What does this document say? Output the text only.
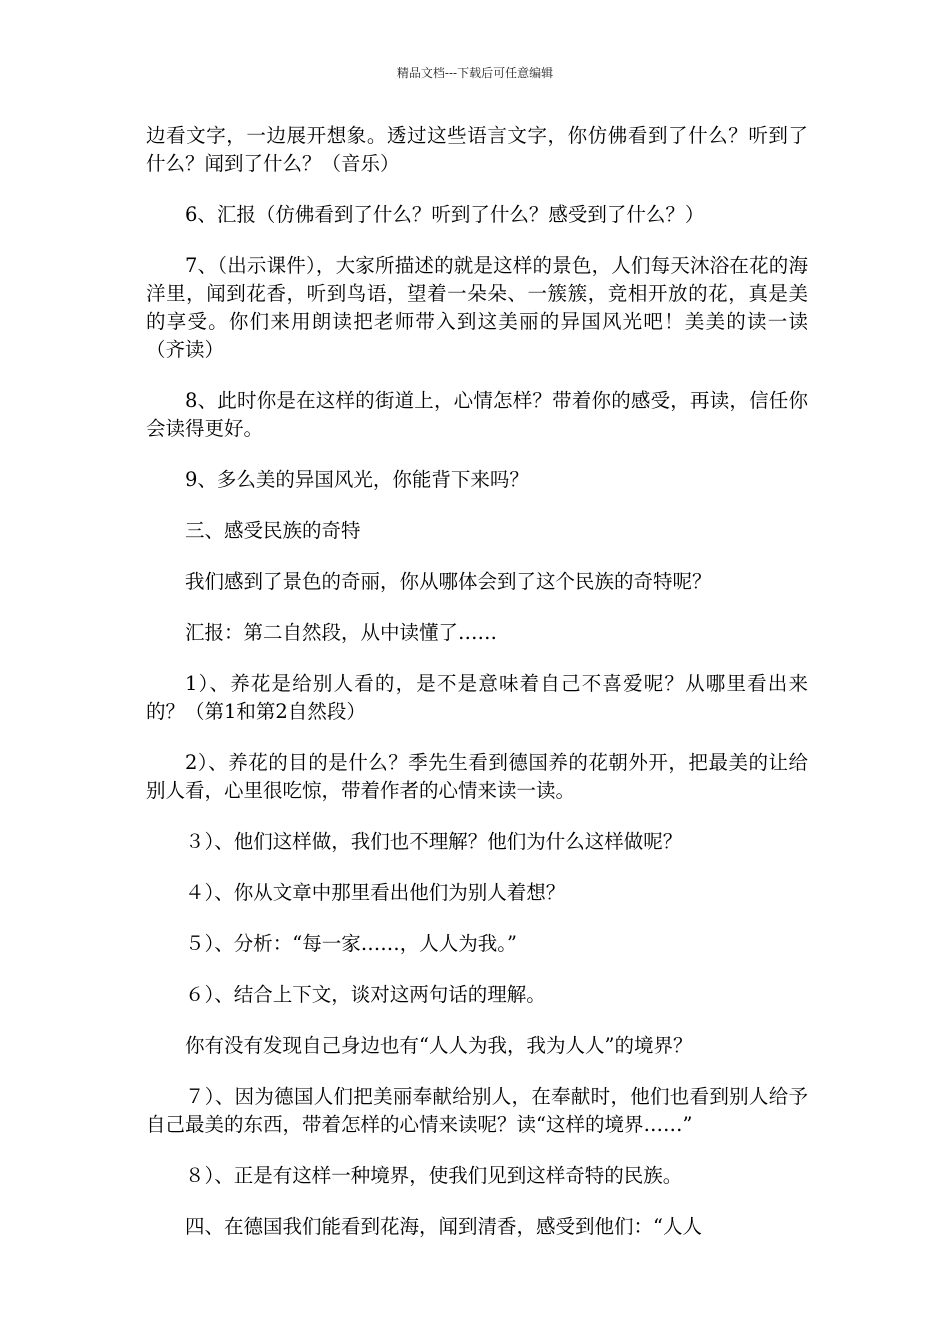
精品文档---下载后可任意编辑

边看文字，一边展开想象。透过这些语言文字，你仿佛看到了什么？听到了什么？闻到了什么？（音乐）

6、汇报（仿佛看到了什么？听到了什么？感受到了什么？）

7、（出示课件），大家所描述的就是这样的景色，人们每天沐浴在花的海洋里，闻到花香，听到鸟语，望着一朵朵、一簇簇，竞相开放的花，真是美的享受。你们来用朗读把老师带入到这美丽的异国风光吧！美美的读一读（齐读）

8、此时你是在这样的街道上，心情怎样？带着你的感受，再读，信任你会读得更好。

9、多么美的异国风光，你能背下来吗？

三、感受民族的奇特

我们感到了景色的奇丽，你从哪体会到了这个民族的奇特呢？

汇报：第二自然段，从中读懂了……

1）、养花是给别人看的，是不是意味着自己不喜爱呢？从哪里看出来的？（第1和第2自然段）

2）、养花的目的是什么？季先生看到德国养的花朝外开，把最美的让给别人看，心里很吃惊，带着作者的心情来读一读。

３）、他们这样做，我们也不理解？他们为什么这样做呢？

４）、你从文章中那里看出他们为别人着想？

５）、分析：“每一家……，人人为我。”

６）、结合上下文，谈对这两句话的理解。

你有没有发现自己身边也有“人人为我，我为人人”的境界？

７）、因为德国人们把美丽奉献给别人，在奉献时，他们也看到别人给予自己最美的东西，带着怎样的心情来读呢？读“这样的境界……”

８）、正是有这样一种境界，使我们见到这样奇特的民族。

四、在德国我们能看到花海，闻到清香，感受到他们：“人人
